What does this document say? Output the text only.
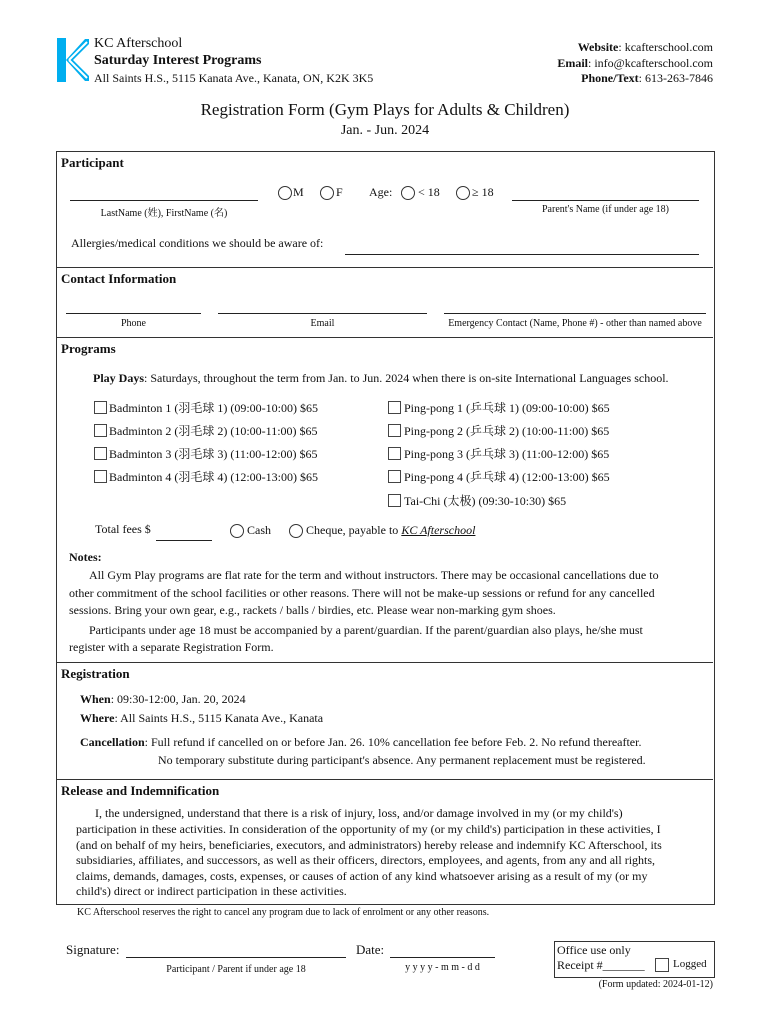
KC Afterschool
Saturday Interest Programs
All Saints H.S., 5115 Kanata Ave., Kanata, ON, K2K 3K5
Website: kcafterschool.com
Email: info@kcafterschool.com
Phone/Text: 613-263-7846
Registration Form (Gym Plays for Adults & Children)
Jan. - Jun. 2024
Participant
LastName (姓), FirstName (名)
M	F Age: < 18	≥ 18
Parent's Name (if under age 18)
Allergies/medical conditions we should be aware of:
Contact Information
Phone	Email	Emergency Contact (Name, Phone #) - other than named above
Programs
Play Days: Saturdays, throughout the term from Jan. to Jun. 2024 when there is on-site International Languages school.
Badminton 1 (羽毛球 1) (09:00-10:00) $65
Badminton 2 (羽毛球 2) (10:00-11:00) $65
Badminton 3 (羽毛球 3) (11:00-12:00) $65
Badminton 4 (羽毛球 4) (12:00-13:00) $65
Ping-pong 1 (乒乓球 1) (09:00-10:00) $65
Ping-pong 2 (乒乓球 2) (10:00-11:00) $65
Ping-pong 3 (乒乓球 3) (11:00-12:00) $65
Ping-pong 4 (乒乓球 4) (12:00-13:00) $65
Tai-Chi (太极) (09:30-10:30) $65
Total fees $	Cash	Cheque, payable to KC Afterschool
Notes:
All Gym Play programs are flat rate for the term and without instructors. There may be occasional cancellations due to
other commitment of the school facilities or other reasons. There will not be make-up sessions or refund for any cancelled
sessions. Bring your own gear, e.g., rackets / balls / birdies, etc. Please wear non-marking gym shoes.
Participants under age 18 must be accompanied by a parent/guardian. If the parent/guardian also plays, he/she must
register with a separate Registration Form.
Registration
When: 09:30-12:00, Jan. 20, 2024
Where: All Saints H.S., 5115 Kanata Ave., Kanata
Cancellation: Full refund if cancelled on or before Jan. 26. 10% cancellation fee before Feb. 2. No refund thereafter.
No temporary substitute during participant's absence. Any permanent replacement must be registered.
Release and Indemnification
I, the undersigned, understand that there is a risk of injury, loss, and/or damage involved in my (or my child's)
participation in these activities. In consideration of the opportunity of my (or my child's) participation in these activities, I
(and on behalf of my heirs, beneficiaries, executors, and administrators) hereby release and indemnify KC Afterschool, its
subsidiaries, affiliates, and successors, as well as their officers, directors, employees, and agents, from any and all rights,
claims, demands, damages, costs, expenses, or causes of action of any kind whatsoever arising as a result of my (or my
child's) direct or indirect participation in these activities.
KC Afterschool reserves the right to cancel any program due to lack of enrolment or any other reasons.
Signature:
Participant / Parent if under age 18
Date:
y y y y - m m - d d
Office use only
Receipt #_______	Logged
(Form updated: 2024-01-12)
